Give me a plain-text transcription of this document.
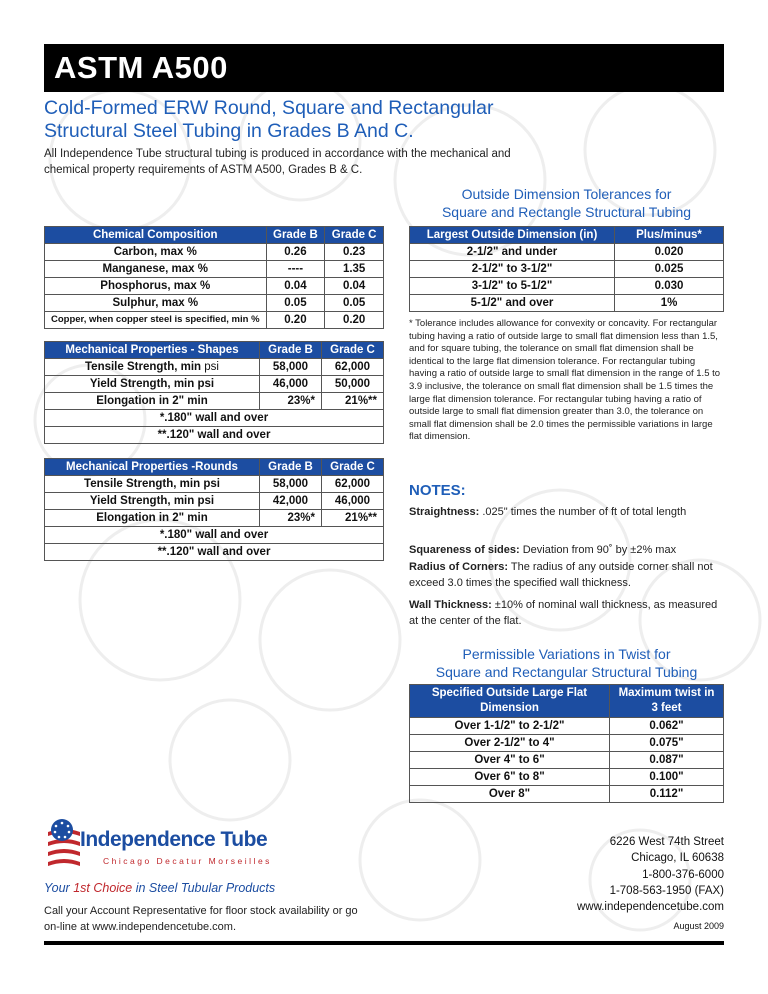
ASTM A500
Cold-Formed ERW Round, Square and Rectangular
Structural Steel Tubing in Grades B And C.
All Independence Tube structural tubing is produced in accordance with the mechanical and chemical property requirements of ASTM A500, Grades B & C.
Chemical Composition	Grade B	Grade C
Carbon, max %	0.26	0.23
Manganese, max %	----	1.35
Phosphorus, max %	0.04	0.04
Sulphur, max %	0.05	0.05
Copper, when copper steel is specified, min %	0.20	0.20
Mechanical Properties - Shapes	Grade B	Grade C
Tensile Strength, min psi	58,000	62,000
Yield Strength, min psi	46,000	50,000
Elongation in 2" min	23%*	21%**
*.180" wall and over		
**.120" wall and over		
Mechanical Properties -Rounds	Grade B	Grade C
Tensile Strength, min psi	58,000	62,000
Yield Strength, min psi	42,000	46,000
Elongation in 2" min	23%*	21%**
*.180" wall and over		
**.120" wall and over		
Outside Dimension Tolerances for
Square and Rectangle Structural Tubing
Largest Outside Dimension (in)	Plus/minus*
2-1/2" and under	0.020
2-1/2" to 3-1/2"	0.025
3-1/2" to 5-1/2"	0.030
5-1/2" and over	1%
* Tolerance includes allowance for convexity or concavity. For rectangular tubing having a ratio of outside large to small flat dimension less than 1.5, and for square tubing, the tolerance on small flat dimension shall be identical to the large flat dimension tolerance. For rectangular tubing having a ratio of outside large to small flat dimension in the range of 1.5 to 3.9 inclusive, the tolerance on small flat dimension shall be 1.5 times the large flat dimension tolerance. For rectangular tubing having a ratio of outside large to small flat dimension greater than 3.0, the tolerance on small flat dimension shall be 2.0 times the permissible variations in large flat dimension.
NOTES:
Straightness: .025" times the number of ft of total length
Squareness of sides: Deviation from 90˚ by ±2% max
Radius of Corners: The radius of any outside corner shall not exceed 3.0 times the specified wall thickness.
Wall Thickness: ±10% of nominal wall thickness, as measured at the center of the flat.
Permissible Variations in Twist for
Square and Rectangular Structural Tubing
Specified Outside Large Flat Dimension	Maximum twist in 3 feet
Over 1-1/2" to 2-1/2"	0.062"
Over 2-1/2" to 4"	0.075"
Over 4" to 6"	0.087"
Over 6" to 8"	0.100"
Over 8"	0.112"
Independence Tube
Chicago Decatur Morseilles
Your 1st Choice in Steel Tubular Products
Call your Account Representative for floor stock availability or go on-line at www.independencetube.com.
6226 West 74th Street
Chicago, IL 60638
1-800-376-6000
1-708-563-1950 (FAX)
www.independencetube.com
August 2009
